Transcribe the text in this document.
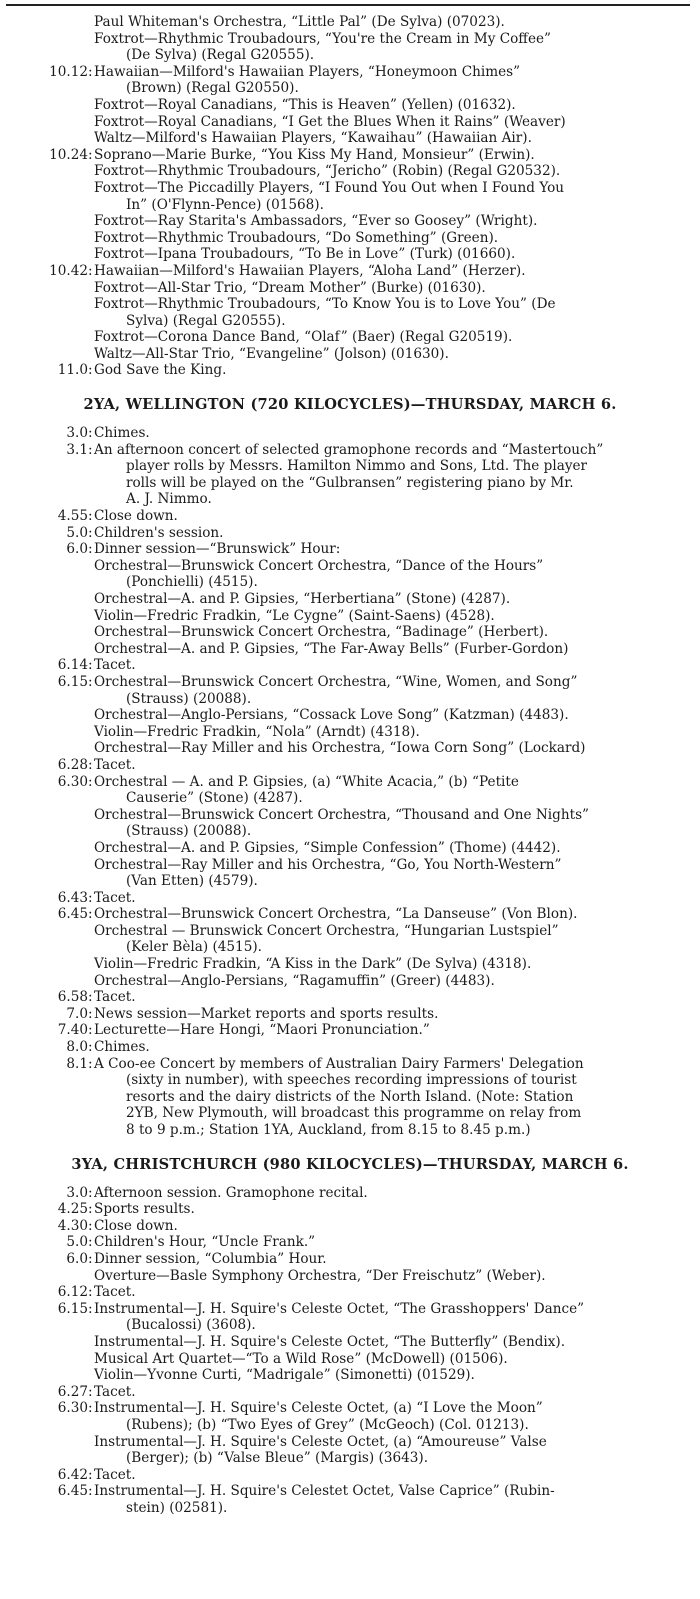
Paul Whiteman's Orchestra, “Little Pal” (De Sylva) (07023).
Foxtrot—Rhythmic Troubadours, “You're the Cream in My Coffee”
(De Sylva) (Regal G20555).
10.12 : Hawaiian—Milford's Hawaiian Players, “Honeymoon Chimes”
(Brown) (Regal G20550).
Foxtrot—Royal Canadians, “This is Heaven” (Yellen) (01632).
Foxtrot—Royal Canadians, “I Get the Blues When it Rains” (Weaver)
Waltz—Milford's Hawaiian Players, “Kawaihau” (Hawaiian Air).
10.24 : Soprano—Marie Burke, “You Kiss My Hand, Monsieur” (Erwin).
Foxtrot—Rhythmic Troubadours, “Jericho” (Robin) (Regal G20532).
Foxtrot—The Piccadilly Players, “I Found You Out when I Found You
In” (O'Flynn-Pence) (01568).
Foxtrot—Ray Starita's Ambassadors, “Ever so Goosey” (Wright).
Foxtrot—Rhythmic Troubadours, “Do Something” (Green).
Foxtrot—Ipana Troubadours, “To Be in Love” (Turk) (01660).
10.42 : Hawaiian—Milford's Hawaiian Players, “Aloha Land” (Herzer).
Foxtrot—All-Star Trio, “Dream Mother” (Burke) (01630).
Foxtrot—Rhythmic Troubadours, “To Know You is to Love You” (De
Sylva) (Regal G20555).
Foxtrot—Corona Dance Band, “Olaf” (Baer) (Regal G20519).
Waltz—All-Star Trio, “Evangeline” (Jolson) (01630).
11.0 : God Save the King.
2YA, WELLINGTON (720 KILOCYCLES)—THURSDAY, MARCH 6.
3.0 : Chimes.
3.1 : An afternoon concert of selected gramophone records and “Mastertouch”
player rolls by Messrs. Hamilton Nimmo and Sons, Ltd. The player
rolls will be played on the “Gulbransen” registering piano by Mr.
A. J. Nimmo.
4.55 : Close down.
5.0 : Children's session.
6.0 : Dinner session—“Brunswick” Hour:
Orchestral—Brunswick Concert Orchestra, “Dance of the Hours”
(Ponchielli) (4515).
Orchestral—A. and P. Gipsies, “Herbertiana” (Stone) (4287).
Violin—Fredric Fradkin, “Le Cygne” (Saint-Saens) (4528).
Orchestral—Brunswick Concert Orchestra, “Badinage” (Herbert).
Orchestral—A. and P. Gipsies, “The Far-Away Bells” (Furber-Gordon)
6.14 : Tacet.
6.15 : Orchestral—Brunswick Concert Orchestra, “Wine, Women, and Song”
(Strauss) (20088).
Orchestral—Anglo-Persians, “Cossack Love Song” (Katzman) (4483).
Violin—Fredric Fradkin, “Nola” (Arndt) (4318).
Orchestral—Ray Miller and his Orchestra, “Iowa Corn Song” (Lockard)
6.28 : Tacet.
6.30 : Orchestral — A. and P. Gipsies, (a) “White Acacia,” (b) “Petite
Causerie” (Stone) (4287).
Orchestral—Brunswick Concert Orchestra, “Thousand and One Nights”
(Strauss) (20088).
Orchestral—A. and P. Gipsies, “Simple Confession” (Thome) (4442).
Orchestral—Ray Miller and his Orchestra, “Go, You North-Western”
(Van Etten) (4579).
6.43 : Tacet.
6.45 : Orchestral—Brunswick Concert Orchestra, “La Danseuse” (Von Blon).
Orchestral — Brunswick Concert Orchestra, “Hungarian Lustspiel”
(Keler Bèla) (4515).
Violin—Fredric Fradkin, “A Kiss in the Dark” (De Sylva) (4318).
Orchestral—Anglo-Persians, “Ragamuffin” (Greer) (4483).
6.58 : Tacet.
7.0 : News session—Market reports and sports results.
7.40 : Lecturette—Hare Hongi, “Maori Pronunciation.”
8.0 : Chimes.
8.1 : A Coo-ee Concert by members of Australian Dairy Farmers' Delegation
(sixty in number), with speeches recording impressions of tourist
resorts and the dairy districts of the North Island. (Note: Station
2YB, New Plymouth, will broadcast this programme on relay from
8 to 9 p.m.; Station 1YA, Auckland, from 8.15 to 8.45 p.m.)
3YA, CHRISTCHURCH (980 KILOCYCLES)—THURSDAY, MARCH 6.
3.0 : Afternoon session. Gramophone recital.
4.25 : Sports results.
4.30 : Close down.
5.0 : Children's Hour, “Uncle Frank.”
6.0 : Dinner session, “Columbia” Hour.
Overture—Basle Symphony Orchestra, “Der Freischutz” (Weber).
6.12 : Tacet.
6.15 : Instrumental—J. H. Squire's Celeste Octet, “The Grasshoppers' Dance”
(Bucalossi) (3608).
Instrumental—J. H. Squire's Celeste Octet, “The Butterfly” (Bendix).
Musical Art Quartet—“To a Wild Rose” (McDowell) (01506).
Violin—Yvonne Curti, “Madrigale” (Simonetti) (01529).
6.27 : Tacet.
6.30 : Instrumental—J. H. Squire's Celeste Octet, (a) “I Love the Moon”
(Rubens); (b) “Two Eyes of Grey” (McGeoch) (Col. 01213).
Instrumental—J. H. Squire's Celeste Octet, (a) “Amoureuse” Valse
(Berger); (b) “Valse Bleue” (Margis) (3643).
6.42 : Tacet.
6.45 : Instrumental—J. H. Squire's Celestet Octet, Valse Caprice” (Rubin-
stein) (02581).
